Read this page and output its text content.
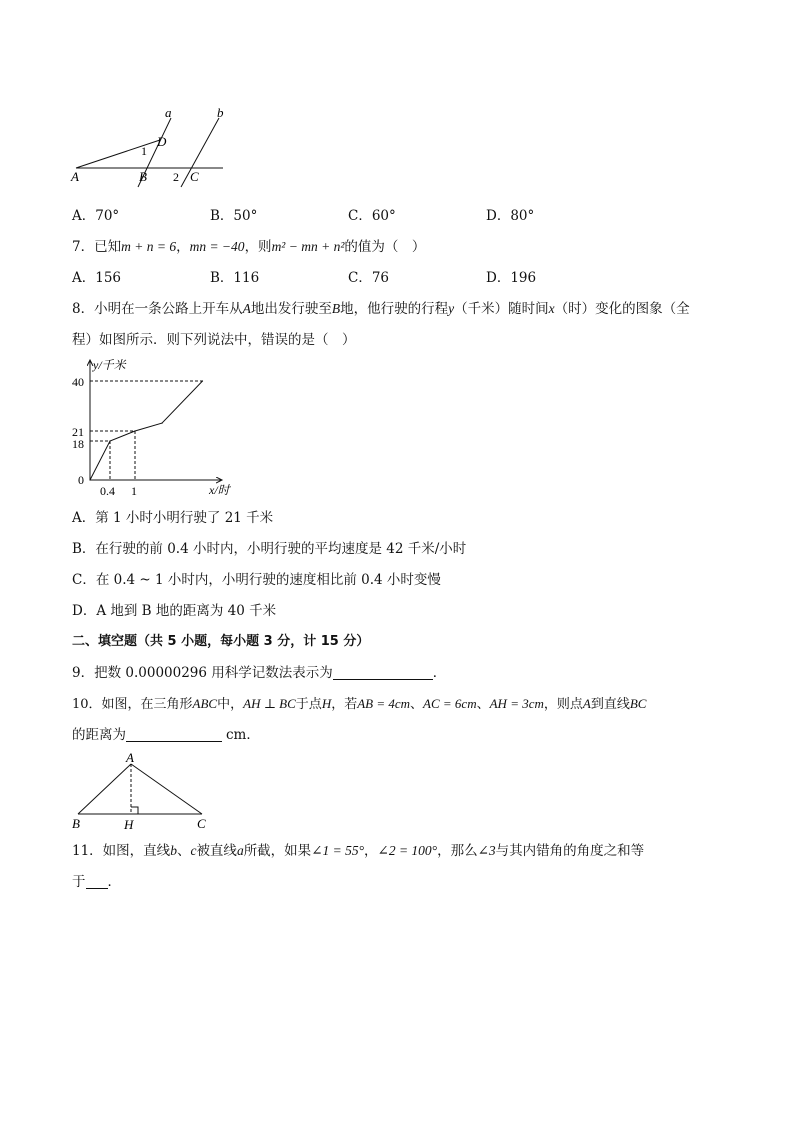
a	b
D
1
A	B 2 C
A．70°	B．50°	C．60°	D．80°
7．已知m + n = 6，mn = −40，则m² − mn + n²的值为（　）
A．156	B．116	C．76	D．196
8．小明在一条公路上开车从A地出发行驶至B地，他行驶的行程y（千米）随时间x（时）变化的图象（全
程）如图所示．则下列说法中，错误的是（　）
y/千米
x/时
40
21
18
0
0.4 1
A．第 1 小时小明行驶了 21 千米
B．在行驶的前 0.4 小时内，小明行驶的平均速度是 42 千米/小时
C．在 0.4 ~ 1 小时内，小明行驶的速度相比前 0.4 小时变慢
D．A 地到 B 地的距离为 40 千米
二、填空题（共 5 小题，每小题 3 分，计 15 分）
9．把数 0.00000296 用科学记数法表示为	．
10．如图，在三角形ABC中，AH ⊥ BC于点H，若AB = 4cm、AC = 6cm、AH = 3cm，则点A到直线BC
的距离为	cm．
A
B	H	C
11．如图，直线b、c被直线a所截，如果∠1 = 55°，∠2 = 100°，那么∠3与其内错角的角度之和等
于 ．
